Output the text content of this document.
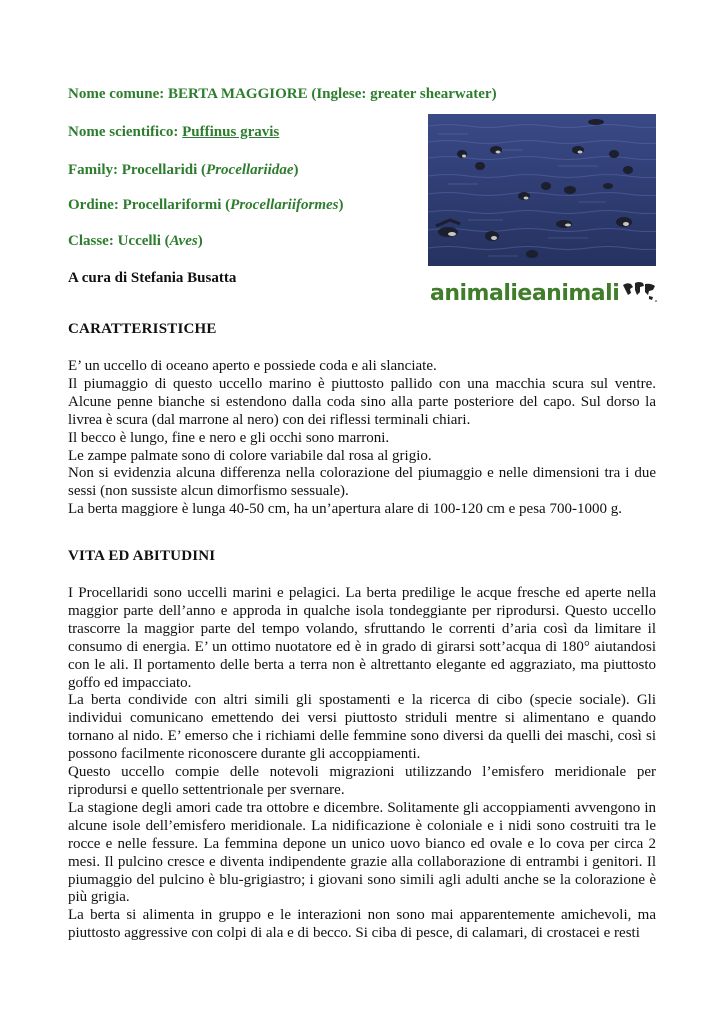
Nome comune: BERTA MAGGIORE (Inglese: greater shearwater)
Nome scientifico: Puffinus gravis
Family: Procellaridi (Procellariidae)
Ordine: Procellariformi (Procellariiformes)
Classe: Uccelli (Aves)
A cura di Stefania Busatta
animalieanimali
CARATTERISTICHE

E’ un uccello di oceano aperto e possiede coda e ali slanciate.

Il piumaggio di questo uccello marino è piuttosto pallido con una macchia scura sul ventre. Alcune penne bianche si estendono dalla coda sino alla parte posteriore del capo. Sul dorso la livrea è scura (dal marrone al nero) con dei riflessi terminali chiari.

Il becco è lungo, fine e nero e gli occhi sono marroni.

Le zampe palmate sono di colore variabile dal rosa al grigio.

Non si evidenzia alcuna differenza nella colorazione del piumaggio e nelle dimensioni tra i due sessi (non sussiste alcun dimorfismo sessuale).

La berta maggiore è lunga 40-50 cm, ha un’apertura alare di 100-120 cm e pesa 700-1000 g.

VITA ED ABITUDINI

I Procellaridi sono uccelli marini e pelagici. La berta predilige le acque fresche ed aperte nella maggior parte dell’anno e approda in qualche isola tondeggiante per riprodursi. Questo uccello trascorre la maggior parte del tempo volando, sfruttando le correnti d’aria così da limitare il consumo di energia. E’ un ottimo nuotatore ed è in grado di girarsi sott’acqua di 180° aiutandosi con le ali. Il portamento delle berta a terra non è altrettanto elegante ed aggraziato, ma piuttosto goffo ed impacciato.

La berta condivide con altri simili gli spostamenti e la ricerca di cibo (specie sociale). Gli individui comunicano emettendo dei versi piuttosto striduli mentre si alimentano e quando tornano al nido. E’ emerso che i richiami delle femmine sono diversi da quelli dei maschi, così si possono facilmente riconoscere durante gli accoppiamenti.

Questo uccello compie delle notevoli migrazioni utilizzando l’emisfero meridionale per riprodursi e quello settentrionale per svernare.

La stagione degli amori cade tra ottobre e dicembre. Solitamente gli accoppiamenti avvengono in alcune isole dell’emisfero meridionale. La nidificazione è coloniale e i nidi sono costruiti tra le rocce e nelle fessure. La femmina depone un unico uovo bianco ed ovale e lo cova per circa 2 mesi. Il pulcino cresce e diventa indipendente grazie alla collaborazione di entrambi i genitori. Il piumaggio del pulcino è blu-grigiastro; i giovani sono simili agli adulti anche se la colorazione è più grigia.

La berta si alimenta in gruppo e le interazioni non sono mai apparentemente amichevoli, ma piuttosto aggressive con colpi di ala e di becco. Si ciba di pesce, di calamari, di crostacei e resti
